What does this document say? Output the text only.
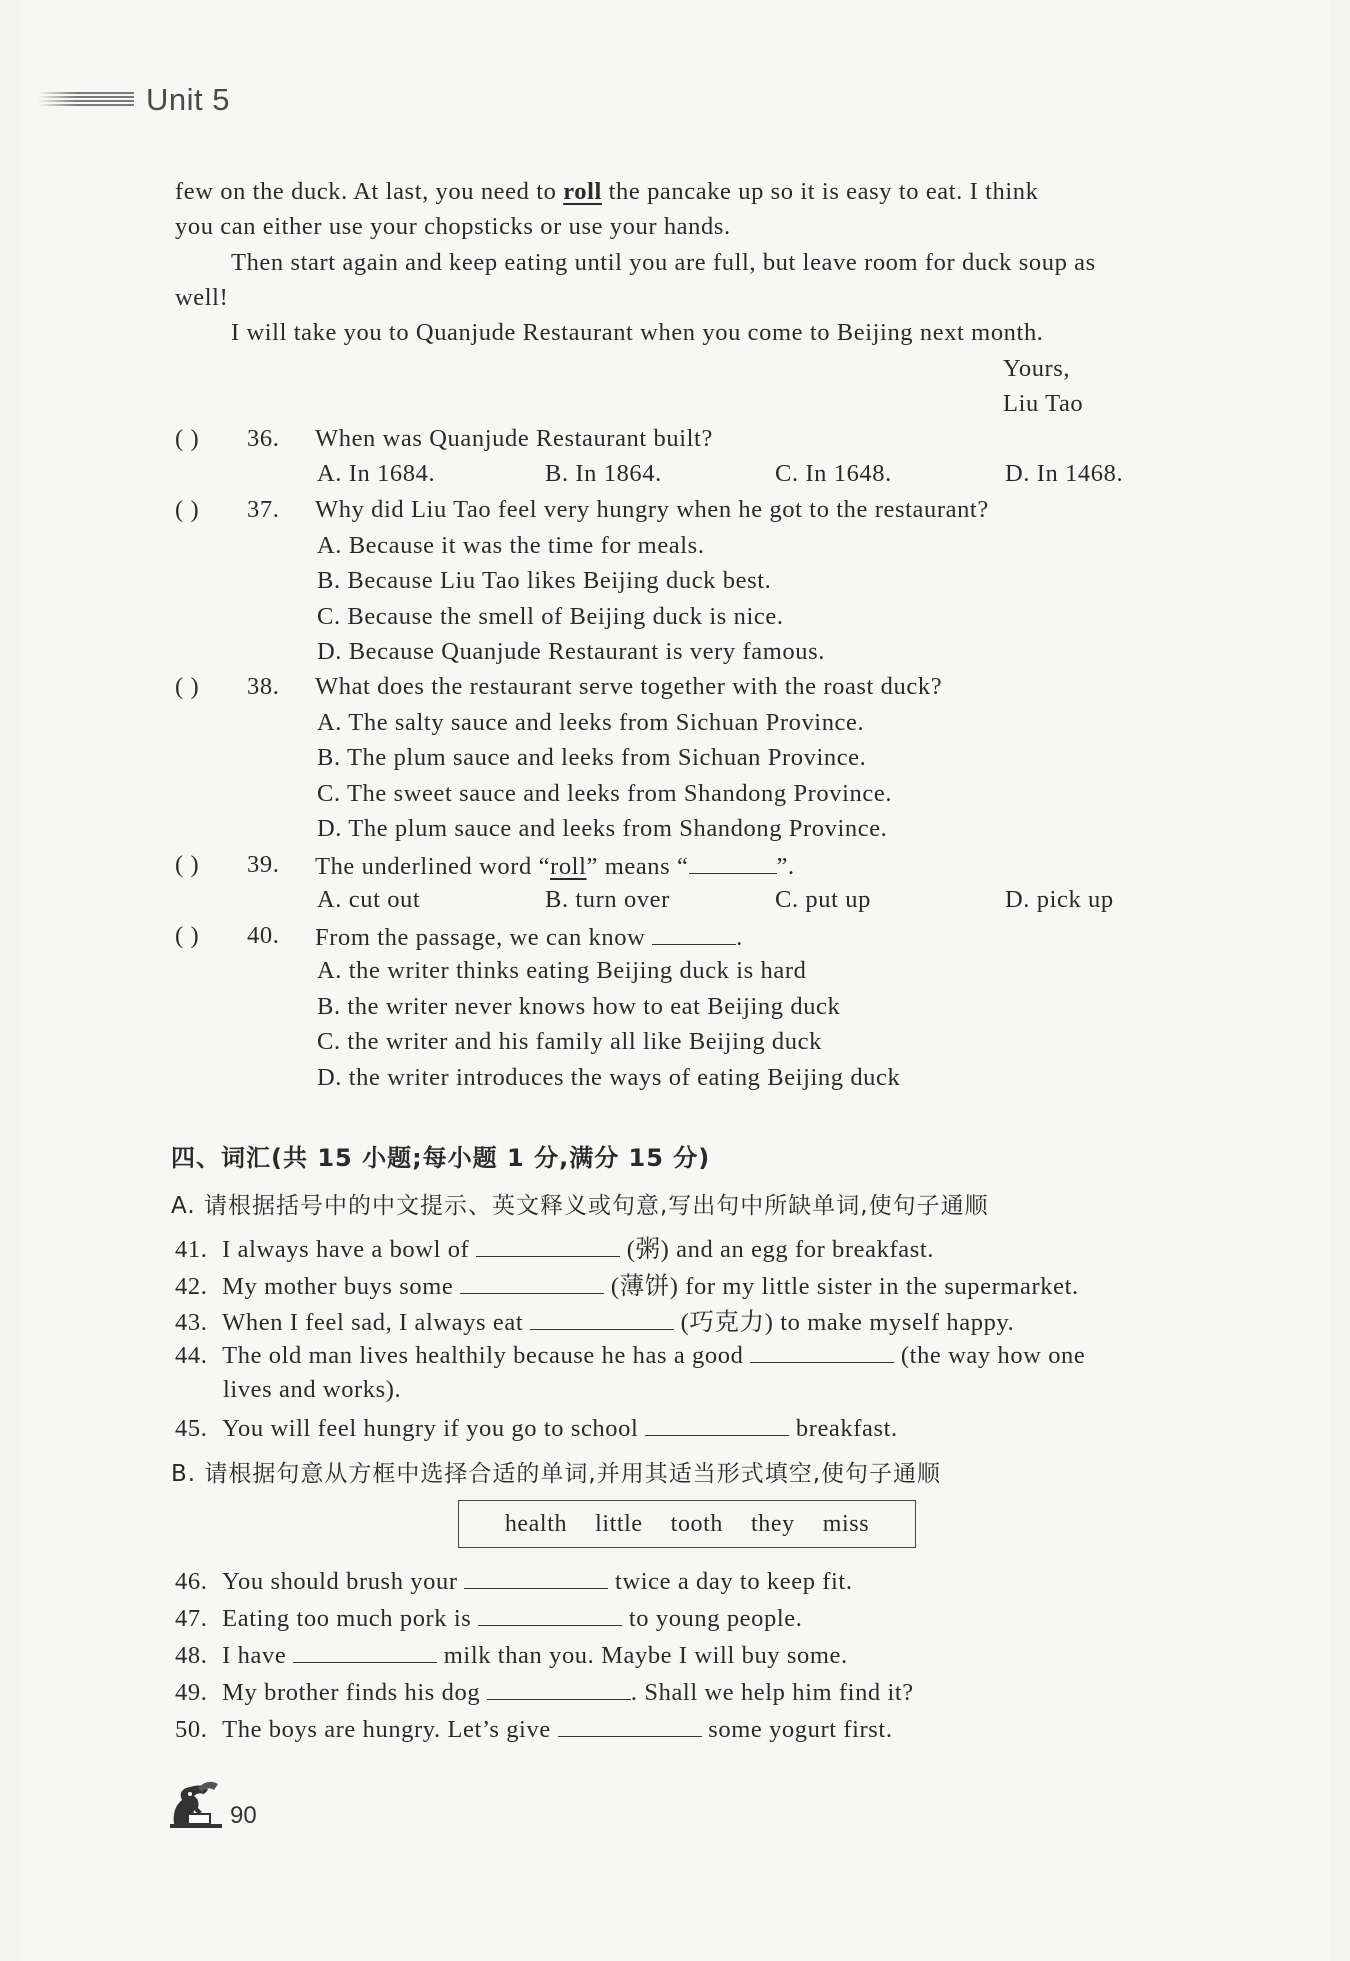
Unit 5
few on the duck. At last, you need to roll the pancake up so it is easy to eat. I think
you can either use your chopsticks or use your hands.
Then start again and keep eating until you are full, but leave room for duck soup as
well!
I will take you to Quanjude Restaurant when you come to Beijing next month.
Yours,
Liu Tao
( ) 36. When was Quanjude Restaurant built?
A. In 1684.	B. In 1864.	C. In 1648.	D. In 1468.
( ) 37. Why did Liu Tao feel very hungry when he got to the restaurant?
A. Because it was the time for meals.
B. Because Liu Tao likes Beijing duck best.
C. Because the smell of Beijing duck is nice.
D. Because Quanjude Restaurant is very famous.
( ) 38. What does the restaurant serve together with the roast duck?
A. The salty sauce and leeks from Sichuan Province.
B. The plum sauce and leeks from Sichuan Province.
C. The sweet sauce and leeks from Shandong Province.
D. The plum sauce and leeks from Shandong Province.
( ) 39. The underlined word “roll” means “	”.
A. cut out	B. turn over	C. put up	D. pick up
( ) 40. From the passage, we can know	.
A. the writer thinks eating Beijing duck is hard
B. the writer never knows how to eat Beijing duck
C. the writer and his family all like Beijing duck
D. the writer introduces the ways of eating Beijing duck
四、词汇(共 15 小题;每小题 1 分,满分 15 分)
A. 请根据括号中的中文提示、英文释义或句意,写出句中所缺单词,使句子通顺
41. I always have a bowl of	(粥) and an egg for breakfast.
42. My mother buys some	(薄饼) for my little sister in the supermarket.
43. When I feel sad, I always eat	(巧克力) to make myself happy.
44. The old man lives healthily because he has a good	(the way how one
lives and works).
45. You will feel hungry if you go to school	breakfast.
B. 请根据句意从方框中选择合适的单词,并用其适当形式填空,使句子通顺
health little tooth they miss
46. You should brush your	twice a day to keep fit.
47. Eating too much pork is	to young people.
48. I have	milk than you. Maybe I will buy some.
49. My brother finds his dog	. Shall we help him find it?
50. The boys are hungry. Let’s give	some yogurt first.
90
